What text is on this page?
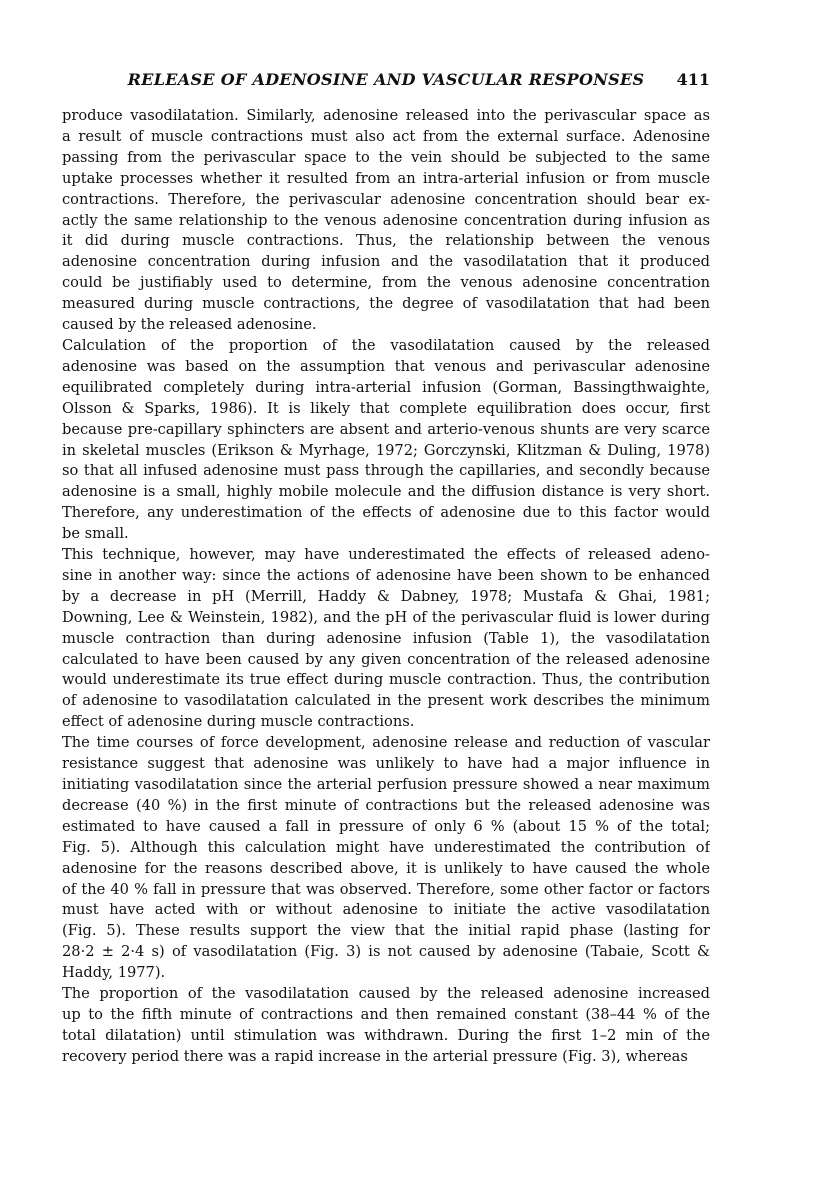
RELEASE OF ADENOSINE AND VASCULAR RESPONSES	411

produce vasodilatation. Similarly, adenosine released into the perivascular space as
a result of muscle contractions must also act from the external surface. Adenosine
passing from the perivascular space to the vein should be subjected to the same
uptake processes whether it resulted from an intra-arterial infusion or from muscle
contractions. Therefore, the perivascular adenosine concentration should bear ex-
actly the same relationship to the venous adenosine concentration during infusion as
it did during muscle contractions. Thus, the relationship between the venous
adenosine concentration during infusion and the vasodilatation that it produced
could be justifiably used to determine, from the venous adenosine concentration
measured during muscle contractions, the degree of vasodilatation that had been
caused by the released adenosine.

Calculation of the proportion of the vasodilatation caused by the released
adenosine was based on the assumption that venous and perivascular adenosine
equilibrated completely during intra-arterial infusion (Gorman, Bassingthwaighte,
Olsson & Sparks, 1986). It is likely that complete equilibration does occur, first
because pre-capillary sphincters are absent and arterio-venous shunts are very scarce
in skeletal muscles (Erikson & Myrhage, 1972; Gorczynski, Klitzman & Duling, 1978)
so that all infused adenosine must pass through the capillaries, and secondly because
adenosine is a small, highly mobile molecule and the diffusion distance is very short.
Therefore, any underestimation of the effects of adenosine due to this factor would
be small.

This technique, however, may have underestimated the effects of released adeno-
sine in another way: since the actions of adenosine have been shown to be enhanced
by a decrease in pH (Merrill, Haddy & Dabney, 1978; Mustafa & Ghai, 1981;
Downing, Lee & Weinstein, 1982), and the pH of the perivascular fluid is lower during
muscle contraction than during adenosine infusion (Table 1), the vasodilatation
calculated to have been caused by any given concentration of the released adenosine
would underestimate its true effect during muscle contraction. Thus, the contribution
of adenosine to vasodilatation calculated in the present work describes the minimum
effect of adenosine during muscle contractions.

The time courses of force development, adenosine release and reduction of vascular
resistance suggest that adenosine was unlikely to have had a major influence in
initiating vasodilatation since the arterial perfusion pressure showed a near maximum
decrease (40 %) in the first minute of contractions but the released adenosine was
estimated to have caused a fall in pressure of only 6 % (about 15 % of the total;
Fig. 5). Although this calculation might have underestimated the contribution of
adenosine for the reasons described above, it is unlikely to have caused the whole
of the 40 % fall in pressure that was observed. Therefore, some other factor or factors
must have acted with or without adenosine to initiate the active vasodilatation
(Fig. 5). These results support the view that the initial rapid phase (lasting for
28·2 ± 2·4 s) of vasodilatation (Fig. 3) is not caused by adenosine (Tabaie, Scott &
Haddy, 1977).

The proportion of the vasodilatation caused by the released adenosine increased
up to the fifth minute of contractions and then remained constant (38–44 % of the
total dilatation) until stimulation was withdrawn. During the first 1–2 min of the
recovery period there was a rapid increase in the arterial pressure (Fig. 3), whereas
